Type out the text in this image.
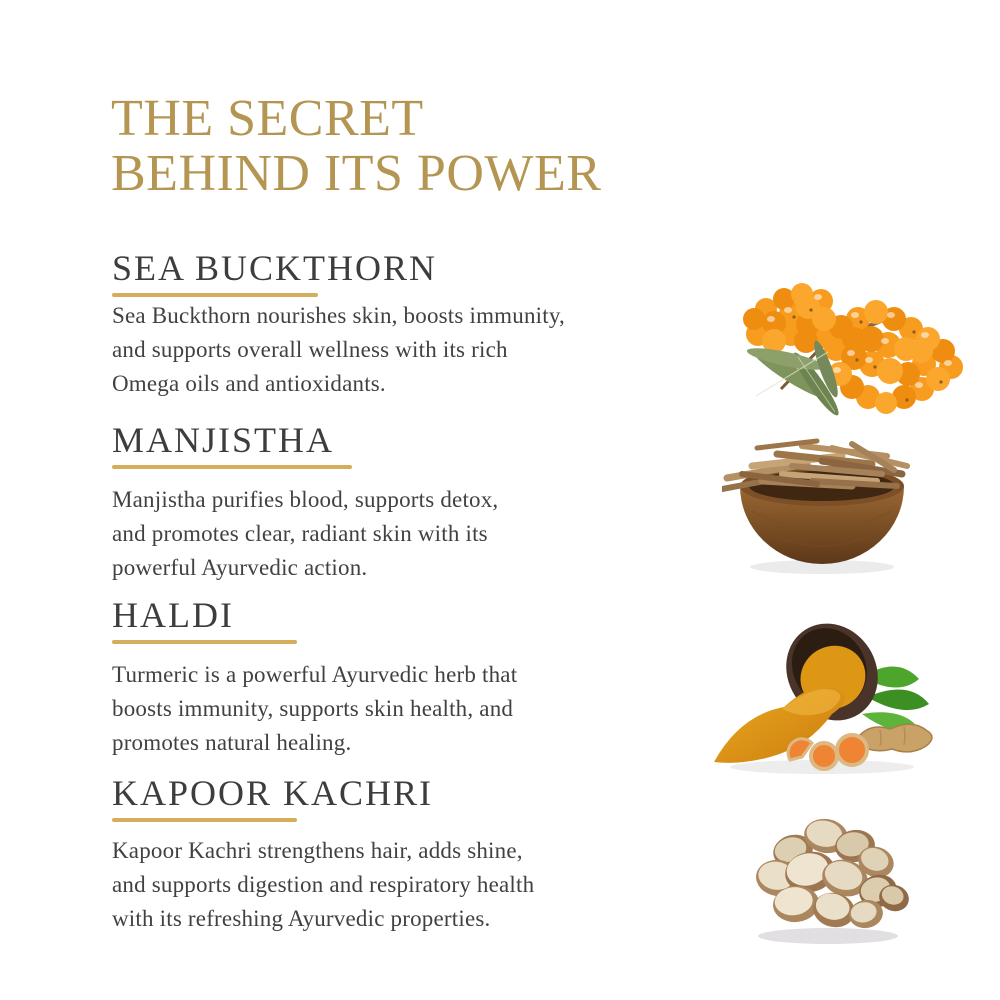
THE SECRET
BEHIND ITS POWER
SEA BUCKTHORN

Sea Buckthorn nourishes skin, boosts immunity,
and supports overall wellness with its rich
Omega oils and antioxidants.

MANJISTHA

Manjistha purifies blood, supports detox,
and promotes clear, radiant skin with its
powerful Ayurvedic action.

HALDI

Turmeric is a powerful Ayurvedic herb that
boosts immunity, supports skin health, and
promotes natural healing.

KAPOOR KACHRI

Kapoor Kachri strengthens hair, adds shine,
and supports digestion and respiratory health
with its refreshing Ayurvedic properties.
